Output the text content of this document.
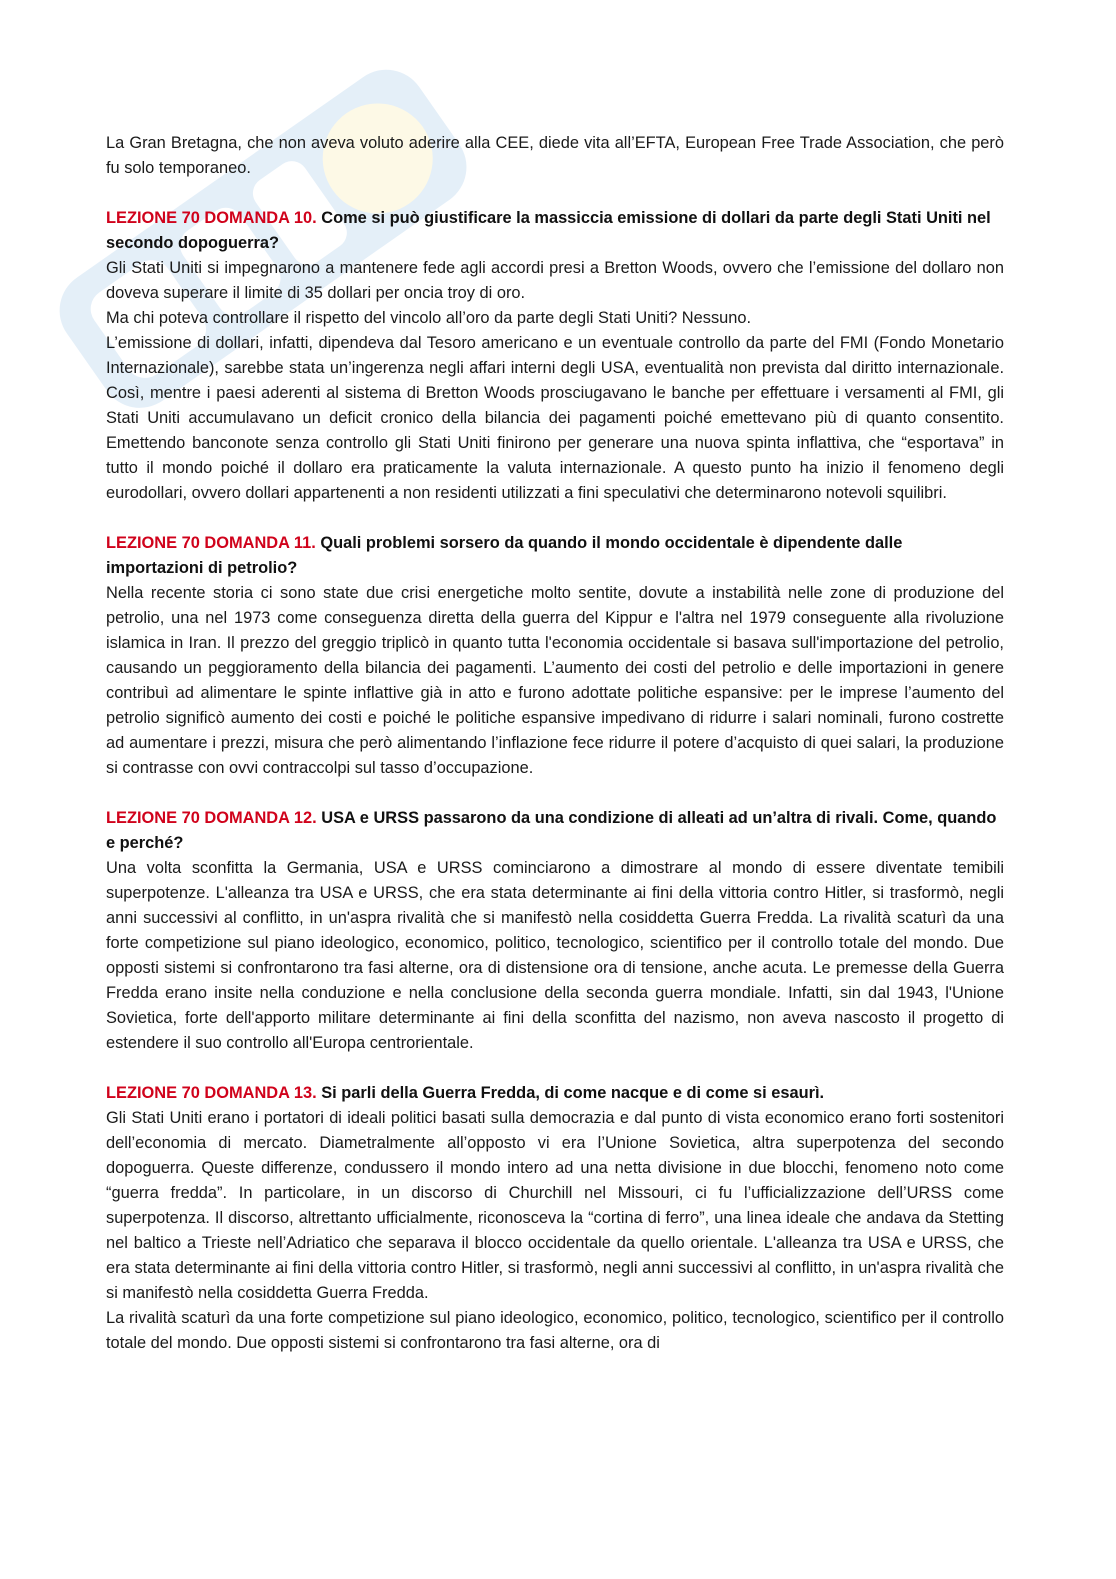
La Gran Bretagna, che non aveva voluto aderire alla CEE, diede vita all’EFTA, European Free Trade Association, che però fu solo temporaneo.

LEZIONE 70 DOMANDA 10. Come si può giustificare la massiccia emissione di dollari da parte degli Stati Uniti nel secondo dopoguerra?

Gli Stati Uniti si impegnarono a mantenere fede agli accordi presi a Bretton Woods, ovvero che l’emissione del dollaro non doveva superare il limite di 35 dollari per oncia troy di oro.

Ma chi poteva controllare il rispetto del vincolo all’oro da parte degli Stati Uniti? Nessuno.

L’emissione di dollari, infatti, dipendeva dal Tesoro americano e un eventuale controllo da parte del FMI (Fondo Monetario Internazionale), sarebbe stata un’ingerenza negli affari interni degli USA, eventualità non prevista dal diritto internazionale. Così, mentre i paesi aderenti al sistema di Bretton Woods prosciugavano le banche per effettuare i versamenti al FMI, gli Stati Uniti accumulavano un deficit cronico della bilancia dei pagamenti poiché emettevano più di quanto consentito. Emettendo banconote senza controllo gli Stati Uniti finirono per generare una nuova spinta inflattiva, che “esportava” in tutto il mondo poiché il dollaro era praticamente la valuta internazionale. A questo punto ha inizio il fenomeno degli eurodollari, ovvero dollari appartenenti a non residenti utilizzati a fini speculativi che determinarono notevoli squilibri.

LEZIONE 70 DOMANDA 11. Quali problemi sorsero da quando il mondo occidentale è dipendente dalle importazioni di petrolio?

Nella recente storia ci sono state due crisi energetiche molto sentite, dovute a instabilità nelle zone di produzione del petrolio, una nel 1973 come conseguenza diretta della guerra del Kippur e l'altra nel 1979 conseguente alla rivoluzione islamica in Iran. Il prezzo del greggio triplicò in quanto tutta l'economia occidentale si basava sull'importazione del petrolio, causando un peggioramento della bilancia dei pagamenti. L’aumento dei costi del petrolio e delle importazioni in genere contribuì ad alimentare le spinte inflattive già in atto e furono adottate politiche espansive: per le imprese l’aumento del petrolio significò aumento dei costi e poiché le politiche espansive impedivano di ridurre i salari nominali, furono costrette ad aumentare i prezzi, misura che però alimentando l’inflazione fece ridurre il potere d’acquisto di quei salari, la produzione si contrasse con ovvi contraccolpi sul tasso d’occupazione.

LEZIONE 70 DOMANDA 12. USA e URSS passarono da una condizione di alleati ad un’altra di rivali. Come, quando e perché?

Una volta sconfitta la Germania, USA e URSS cominciarono a dimostrare al mondo di essere diventate temibili superpotenze. L'alleanza tra USA e URSS, che era stata determinante ai fini della vittoria contro Hitler, si trasformò, negli anni successivi al conflitto, in un'aspra rivalità che si manifestò nella cosiddetta Guerra Fredda. La rivalità scaturì da una forte competizione sul piano ideologico, economico, politico, tecnologico, scientifico per il controllo totale del mondo. Due opposti sistemi si confrontarono tra fasi alterne, ora di distensione ora di tensione, anche acuta. Le premesse della Guerra Fredda erano insite nella conduzione e nella conclusione della seconda guerra mondiale. Infatti, sin dal 1943, l'Unione Sovietica, forte dell'apporto militare determinante ai fini della sconfitta del nazismo, non aveva nascosto il progetto di estendere il suo controllo all'Europa centrorientale.

LEZIONE 70 DOMANDA 13. Si parli della Guerra Fredda, di come nacque e di come si esaurì.

Gli Stati Uniti erano i portatori di ideali politici basati sulla democrazia e dal punto di vista economico erano forti sostenitori dell’economia di mercato. Diametralmente all’opposto vi era l’Unione Sovietica, altra superpotenza del secondo dopoguerra. Queste differenze, condussero il mondo intero ad una netta divisione in due blocchi, fenomeno noto come “guerra fredda”. In particolare, in un discorso di Churchill nel Missouri, ci fu l’ufficializzazione dell’URSS come superpotenza. Il discorso, altrettanto ufficialmente, riconosceva la “cortina di ferro”, una linea ideale che andava da Stetting nel baltico a Trieste nell’Adriatico che separava il blocco occidentale da quello orientale. L'alleanza tra USA e URSS, che era stata determinante ai fini della vittoria contro Hitler, si trasformò, negli anni successivi al conflitto, in un'aspra rivalità che si manifestò nella cosiddetta Guerra Fredda.

La rivalità scaturì da una forte competizione sul piano ideologico, economico, politico, tecnologico, scientifico per il controllo totale del mondo. Due opposti sistemi si confrontarono tra fasi alterne, ora di
